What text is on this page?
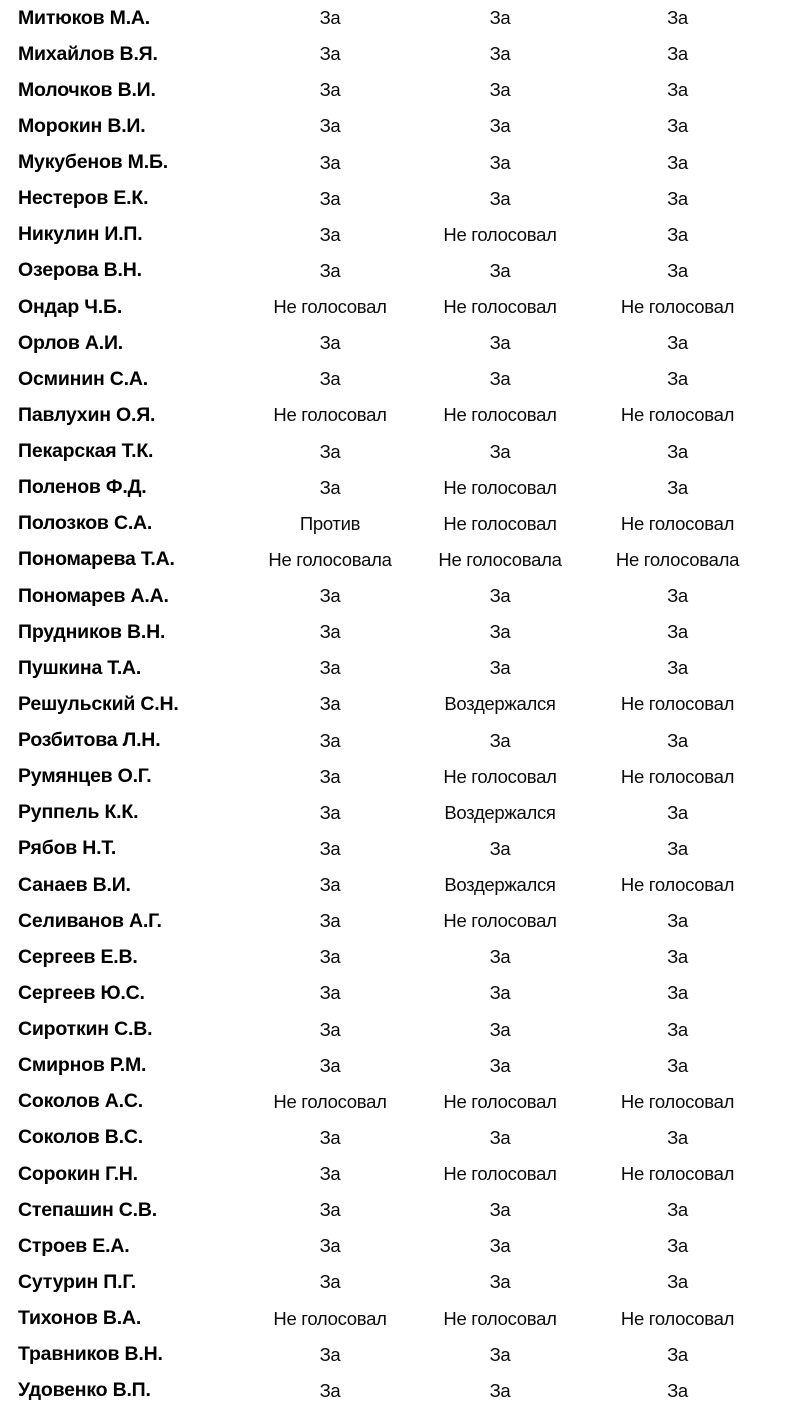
Митюков М.А.	За	За	За
Михайлов В.Я.	За	За	За
Молочков В.И.	За	За	За
Морокин В.И.	За	За	За
Мукубенов М.Б.	За	За	За
Нестеров Е.К.	За	За	За
Никулин И.П.	За	Не голосовал	За
Озерова В.Н.	За	За	За
Ондар Ч.Б.	Не голосовал	Не голосовал	Не голосовал
Орлов А.И.	За	За	За
Осминин С.А.	За	За	За
Павлухин О.Я.	Не голосовал	Не голосовал	Не голосовал
Пекарская Т.К.	За	За	За
Поленов Ф.Д.	За	Не голосовал	За
Полозков С.А.	Против	Не голосовал	Не голосовал
Пономарева Т.А.	Не голосовала	Не голосовала	Не голосовала
Пономарев А.А.	За	За	За
Прудников В.Н.	За	За	За
Пушкина Т.А.	За	За	За
Решульский С.Н.	За	Воздержался	Не голосовал
Розбитова Л.Н.	За	За	За
Румянцев О.Г.	За	Не голосовал	Не голосовал
Руппель К.К.	За	Воздержался	За
Рябов Н.Т.	За	За	За
Санаев В.И.	За	Воздержался	Не голосовал
Селиванов А.Г.	За	Не голосовал	За
Сергеев Е.В.	За	За	За
Сергеев Ю.С.	За	За	За
Сироткин С.В.	За	За	За
Смирнов Р.М.	За	За	За
Соколов А.С.	Не голосовал	Не голосовал	Не голосовал
Соколов В.С.	За	За	За
Сорокин Г.Н.	За	Не голосовал	Не голосовал
Степашин С.В.	За	За	За
Строев Е.А.	За	За	За
Сутурин П.Г.	За	За	За
Тихонов В.А.	Не голосовал	Не голосовал	Не голосовал
Травников В.Н.	За	За	За
Удовенко В.П.	За	За	За
